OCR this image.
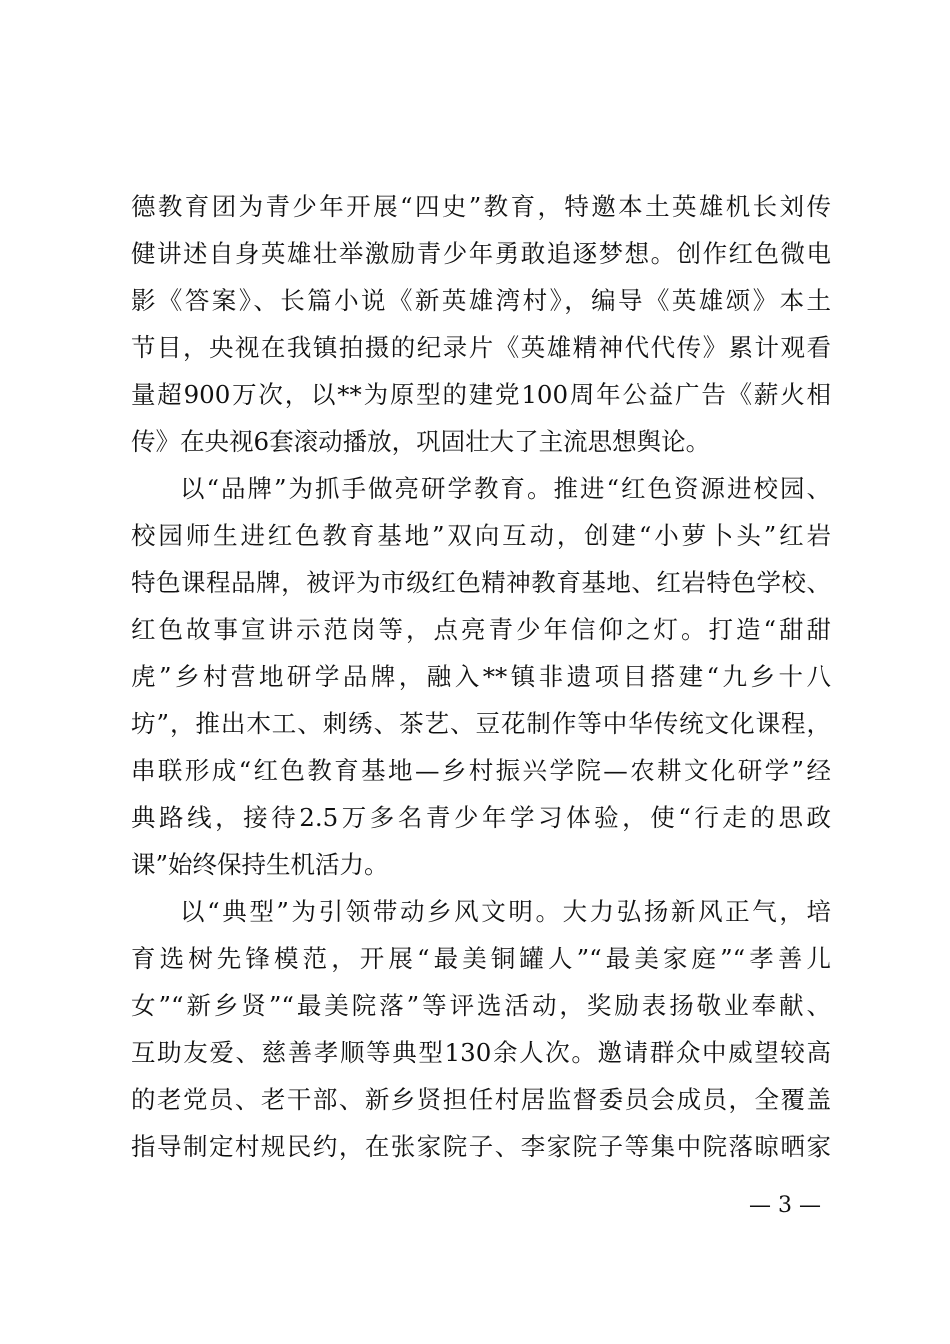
德教育团为青少年开展“四史”教育，特邀本土英雄机长刘传
健讲述自身英雄壮举激励青少年勇敢追逐梦想。创作红色微电
影《答案》、长篇小说《新英雄湾村》，编导《英雄颂》本土
节目，央视在我镇拍摄的纪录片《英雄精神代代传》累计观看
量超900万次，以**为原型的建党100周年公益广告《薪火相
传》在央视6套滚动播放，巩固壮大了主流思想舆论。
以“品牌”为抓手做亮研学教育。推进“红色资源进校园、
校园师生进红色教育基地”双向互动，创建“小萝卜头”红岩
特色课程品牌，被评为市级红色精神教育基地、红岩特色学校、
红色故事宣讲示范岗等，点亮青少年信仰之灯。打造“甜甜
虎”乡村营地研学品牌，融入**镇非遗项目搭建“九乡十八
坊”，推出木工、刺绣、茶艺、豆花制作等中华传统文化课程，
串联形成“红色教育基地—乡村振兴学院—农耕文化研学”经
典路线，接待2.5万多名青少年学习体验，使“行走的思政
课”始终保持生机活力。
以“典型”为引领带动乡风文明。大力弘扬新风正气，培
育选树先锋模范，开展“最美铜罐人”“最美家庭”“孝善儿
女”“新乡贤”“最美院落”等评选活动，奖励表扬敬业奉献、
互助友爱、慈善孝顺等典型130余人次。邀请群众中威望较高
的老党员、老干部、新乡贤担任村居监督委员会成员，全覆盖
指导制定村规民约，在张家院子、李家院子等集中院落晾晒家
— 3 —
